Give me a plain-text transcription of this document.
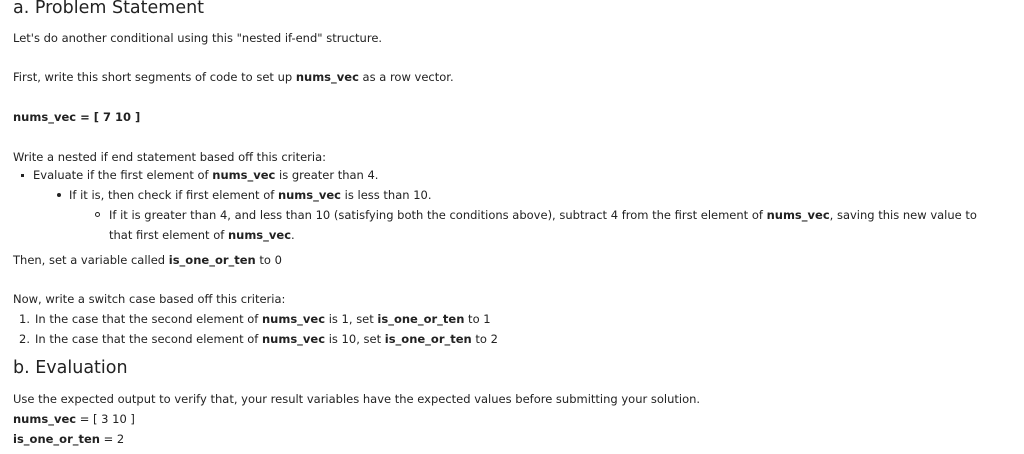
a. Problem Statement

Let's do another conditional using this "nested if-end" structure.

First, write this short segments of code to set up nums_vec as a row vector.

nums_vec = [ 7 10 ]

Write a nested if end statement based off this criteria:

Evaluate if the first element of nums_vec is greater than 4.
If it is, then check if first element of nums_vec is less than 10.
If it is greater than 4, and less than 10 (satisfying both the conditions above), subtract 4 from the first element of nums_vec, saving this new value to that first element of nums_vec.

Then, set a variable called is_one_or_ten to 0

Now, write a switch case based off this criteria:

1. In the case that the second element of nums_vec is 1, set is_one_or_ten to 1
2. In the case that the second element of nums_vec is 10, set is_one_or_ten to 2
b. Evaluation

Use the expected output to verify that, your result variables have the expected values before submitting your solution.

nums_vec = [ 3 10 ]

is_one_or_ten = 2
